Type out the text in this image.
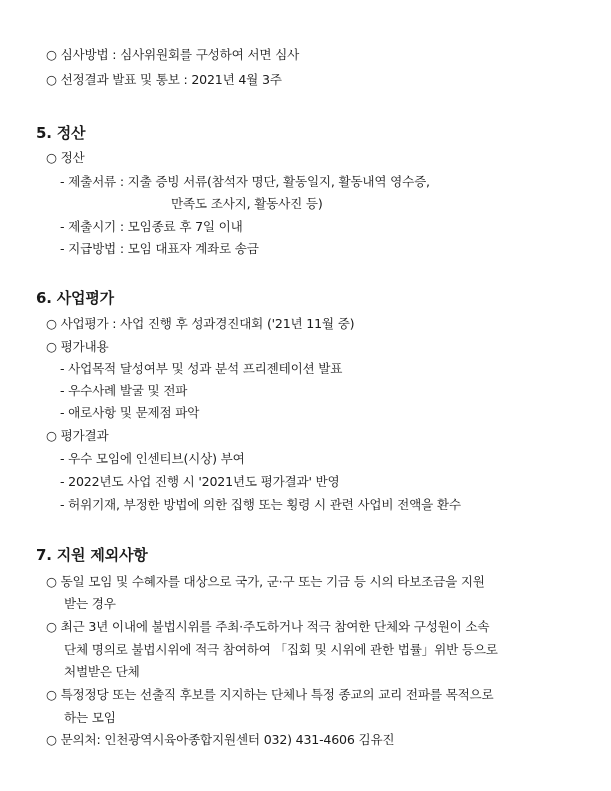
○ 심사방법 : 심사위원회를 구성하여 서면 심사
○ 선정결과 발표 및 통보 : 2021년 4월 3주
5. 정산
○ 정산
- 제출서류 : 지출 증빙 서류(참석자 명단, 활동일지, 활동내역 영수증,
만족도 조사지, 활동사진 등)
- 제출시기 : 모임종료 후 7일 이내
- 지급방법 : 모임 대표자 계좌로 송금
6. 사업평가
○ 사업평가 : 사업 진행 후 성과경진대회 ('21년 11월 중)
○ 평가내용
- 사업목적 달성여부 및 성과 분석 프리젠테이션 발표
- 우수사례 발굴 및 전파
- 애로사항 및 문제점 파악
○ 평가결과
- 우수 모임에 인센티브(시상) 부여
- 2022년도 사업 진행 시 '2021년도 평가결과' 반영
- 허위기재, 부정한 방법에 의한 집행 또는 횡령 시 관련 사업비 전액을 환수
7. 지원 제외사항
○ 동일 모임 및 수혜자를 대상으로 국가, 군·구 또는 기금 등 시의 타보조금을 지원
받는 경우
○ 최근 3년 이내에 불법시위를 주최·주도하거나 적극 참여한 단체와 구성원이 소속
단체 명의로 불법시위에 적극 참여하여 「집회 및 시위에 관한 법률」위반 등으로
처벌받은 단체
○ 특정정당 또는 선출직 후보를 지지하는 단체나 특정 종교의 교리 전파를 목적으로
하는 모임
○ 문의처: 인천광역시육아종합지원센터 032) 431-4606 김유진
